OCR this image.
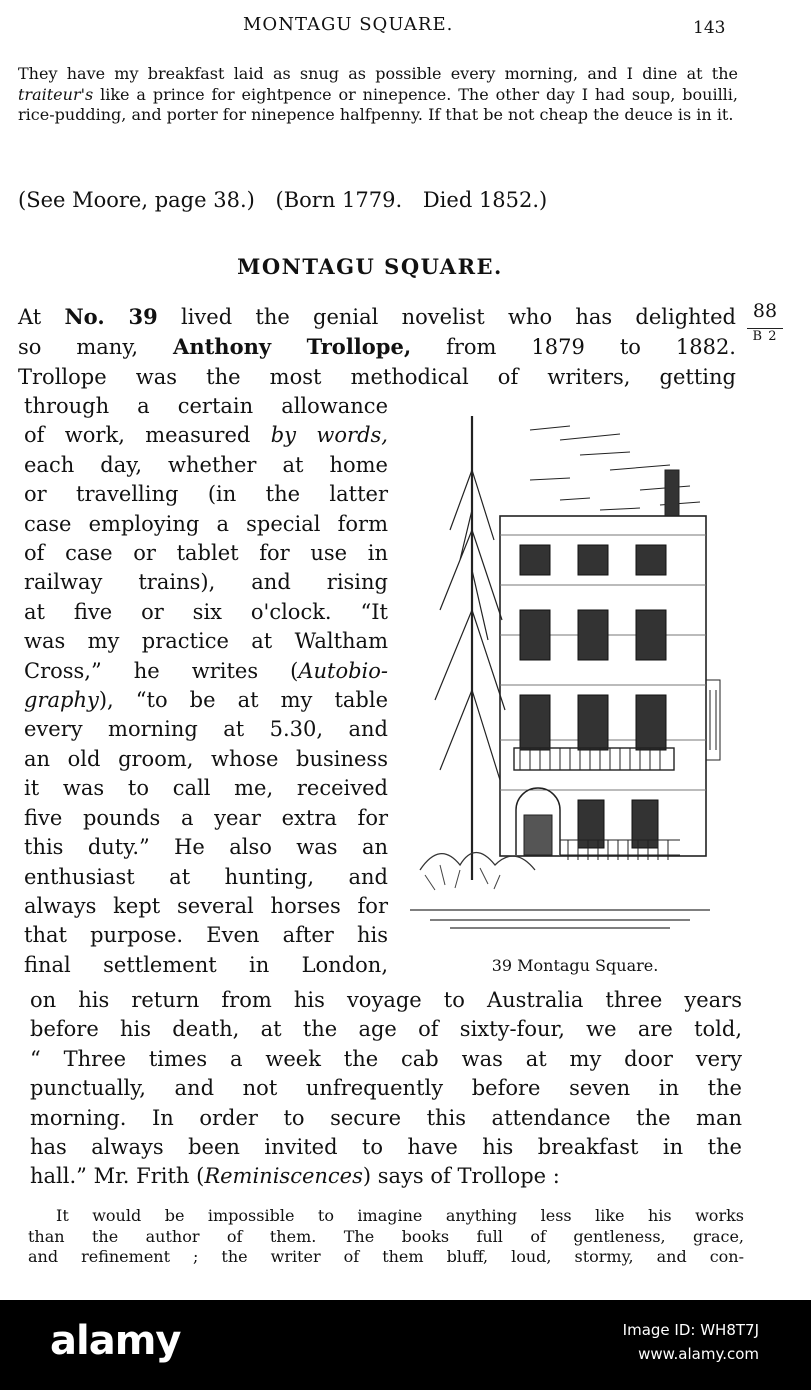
MONTAGU SQUARE.	143
They have my breakfast laid as snug as possible every morning, and I dine at the traiteur's like a prince for eightpence or ninepence. The other day I had soup, bouilli, rice-pudding, and porter for ninepence halfpenny. If that be not cheap the deuce is in it.
(See Moore, page 38.) (Born 1779. Died 1852.)
MONTAGU SQUARE.
At No. 39 lived the genial novelist who has delighted
so many, Anthony Trollope, from 1879 to 1882.
Trollope was the most methodical of writers, getting
88
B 2
through a certain allowance
of work, measured by words,
each day, whether at home
or travelling (in the latter
case employing a special form
of case or tablet for use in
railway trains), and rising
at five or six o'clock. “It
was my practice at Waltham
Cross,” he writes (Autobio-
graphy), “to be at my table
every morning at 5.30, and
an old groom, whose business
it was to call me, received
five pounds a year extra for
this duty.” He also was an
enthusiast at hunting, and
always kept several horses for
that purpose. Even after his
final settlement in London,	39 Montagu Square.
on his return from his voyage to Australia three years
before his death, at the age of sixty-four, we are told,
“ Three times a week the cab was at my door very
punctually, and not unfrequently before seven in the
morning. In order to secure this attendance the man
has always been invited to have his breakfast in the
hall.” Mr. Frith (Reminiscences) says of Trollope :
It would be impossible to imagine anything less like his works
than the author of them. The books full of gentleness, grace,
and refinement ; the writer of them bluff, loud, stormy, and con-
alamy	Image ID: WH8T7J
www.alamy.com
